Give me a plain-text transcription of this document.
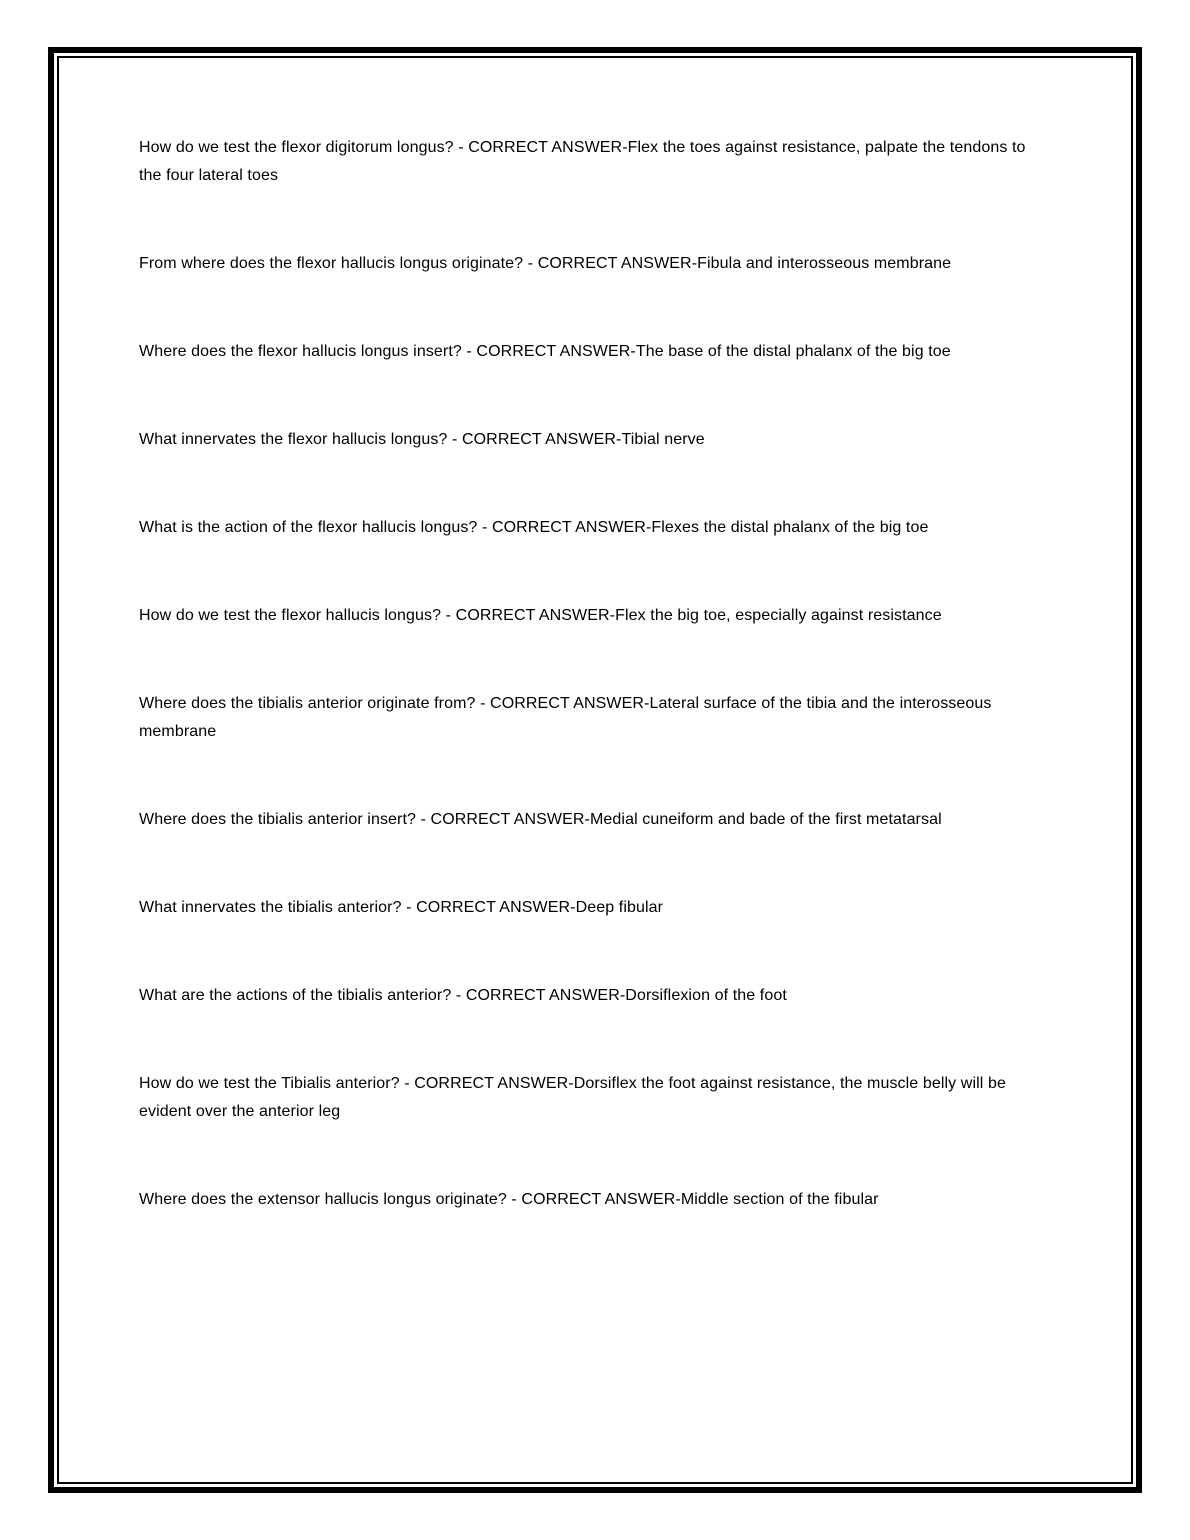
How do we test the flexor digitorum longus? - CORRECT ANSWER-Flex the toes against resistance, palpate the tendons to the four lateral toes

From where does the flexor hallucis longus originate? - CORRECT ANSWER-Fibula and interosseous membrane

Where does the flexor hallucis longus insert? - CORRECT ANSWER-The base of the distal phalanx of the big toe

What innervates the flexor hallucis longus? - CORRECT ANSWER-Tibial nerve

What is the action of the flexor hallucis longus? - CORRECT ANSWER-Flexes the distal phalanx of the big toe

How do we test the flexor hallucis longus? - CORRECT ANSWER-Flex the big toe, especially against resistance

Where does the tibialis anterior originate from? - CORRECT ANSWER-Lateral surface of the tibia and the interosseous membrane

Where does the tibialis anterior insert? - CORRECT ANSWER-Medial cuneiform and bade of the first metatarsal

What innervates the tibialis anterior? - CORRECT ANSWER-Deep fibular

What are the actions of the tibialis anterior? - CORRECT ANSWER-Dorsiflexion of the foot

How do we test the Tibialis anterior? - CORRECT ANSWER-Dorsiflex the foot against resistance, the muscle belly will be evident over the anterior leg

Where does the extensor hallucis longus originate? - CORRECT ANSWER-Middle section of the fibular
